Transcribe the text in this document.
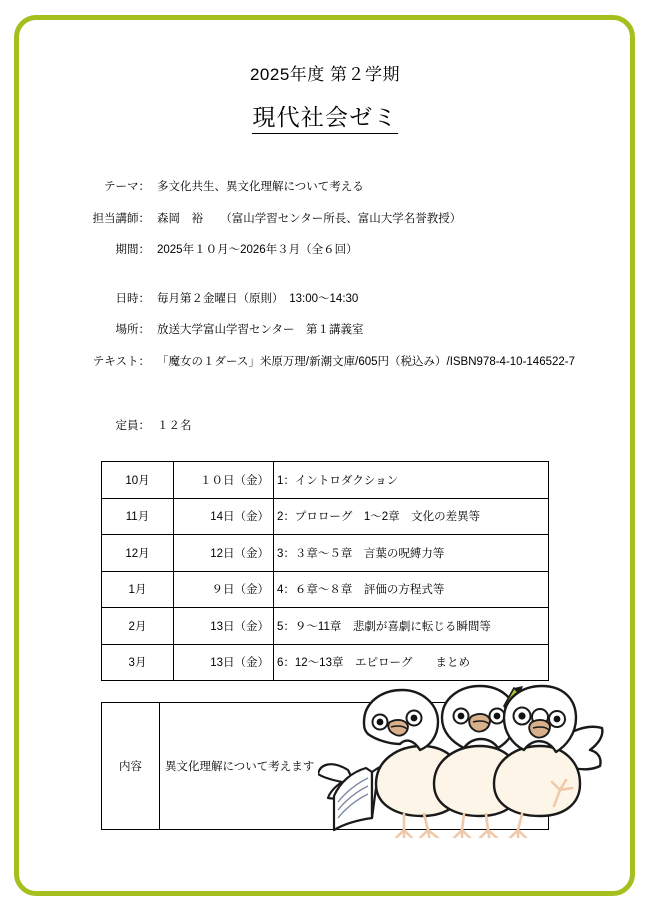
2025年度 第２学期
現代社会ゼミ
テーマ： 多文化共生、異文化理解について考える
担当講師： 森岡　裕　　（富山学習センター所長、富山大学名誉教授）
期間： 2025年１０月～2026年３月（全６回）
日時： 毎月第２金曜日（原則）　13:00～14:30
場所： 放送大学富山学習センター　第１講義室
テキスト： 「魔女の１ダース」米原万理/新潮文庫/605円（税込み）/ISBN978-4-10-146522-7
定員： １２名
10月	１０日（金）	1：イントロダクション
11月	14日（金）	2：プロローグ　1～2章　文化の差異等
12月	12日（金）	3：３章～５章　言葉の呪縛力等
1月	９日（金）	4：６章～８章　評価の方程式等
2月	13日（金）	5：９～11章　悲劇が喜劇に転じる瞬間等
3月	13日（金）	6：12～13章　エピローグ　　まとめ
内容	異文化理解について考えます
